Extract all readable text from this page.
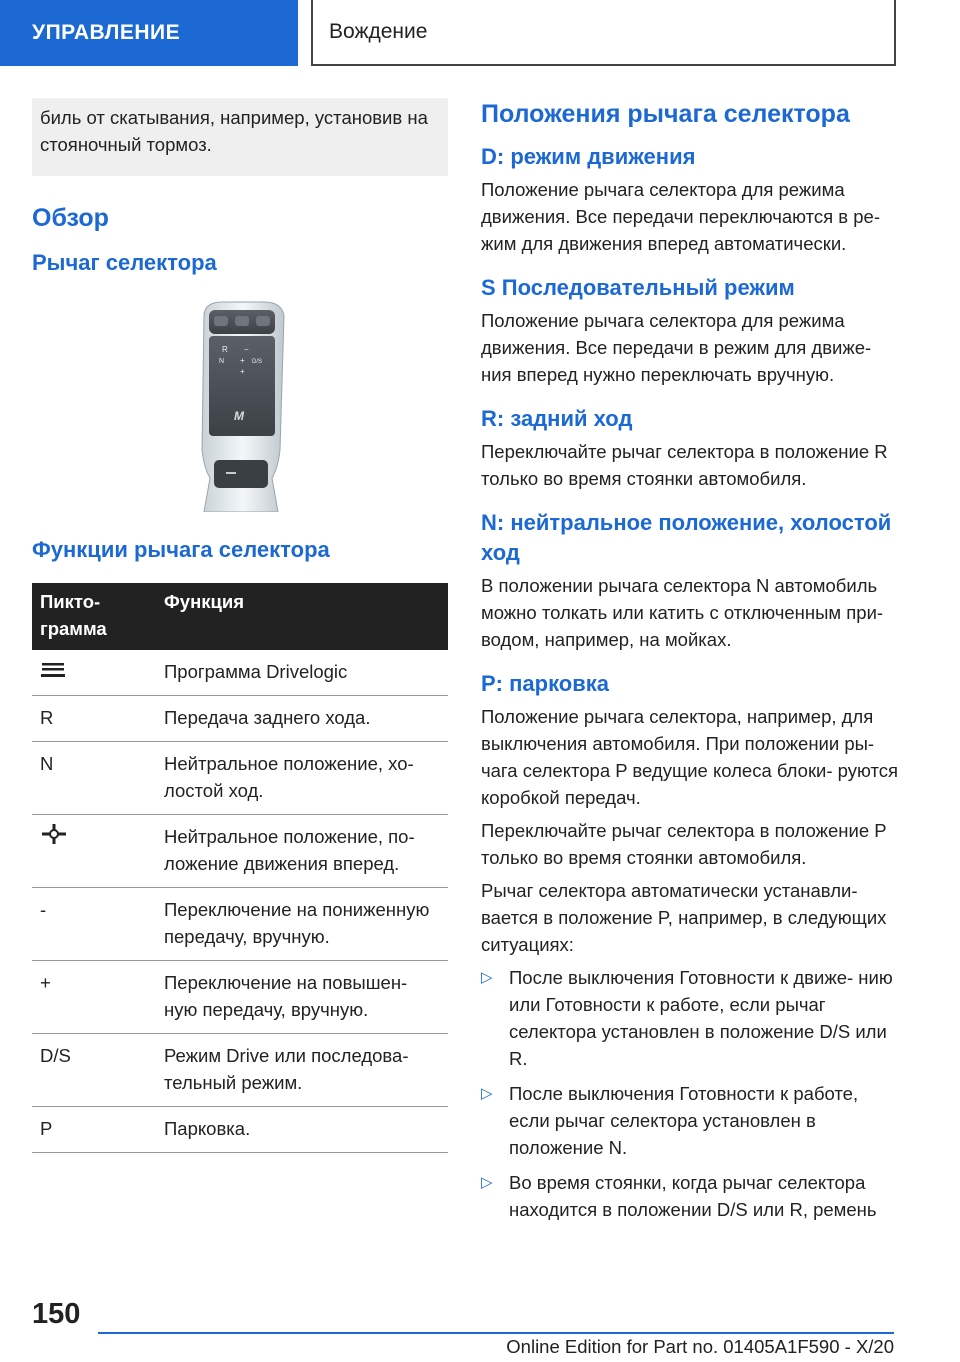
УПРАВЛЕНИЕ	Вождение
биль от скатывания, например, установив на стояночный тормоз.
Обзор
Рычаг селектора
R −
N + D/S
+
M
Функции рычага селектора
Пикто- грамма	Функция
	Программа Drivelogic
R	Передача заднего хода.
N	Нейтральное положение, хо- лостой ход.
	Нейтральное положение, по- ложение движения вперед.
-	Переключение на пониженную передачу, вручную.
+	Переключение на повышен- ную передачу, вручную.
D/S	Режим Drive или последова- тельный режим.
P	Парковка.
Положения рычага селектора
D: режим движения

Положение рычага селектора для режима движения. Все передачи переключаются в ре- жим для движения вперед автоматически.

S Последовательный режим

Положение рычага селектора для режима движения. Все передачи в режим для движе- ния вперед нужно переключать вручную.

R: задний ход

Переключайте рычаг селектора в положение R только во время стоянки автомобиля.

N: нейтральное положение, холостой ход

В положении рычага селектора N автомобиль можно толкать или катить с отключенным при- водом, например, на мойках.

P: парковка

Положение рычага селектора, например, для выключения автомобиля. При положении ры- чага селектора P ведущие колеса блоки- руются коробкой передач.

Переключайте рычаг селектора в положение P только во время стоянки автомобиля.

Рычаг селектора автоматически устанавли- вается в положение P, например, в следующих ситуациях:

▷ После выключения Готовности к движе- нию или Готовности к работе, если рычаг селектора установлен в положение D/S или R.
▷ После выключения Готовности к работе, если рычаг селектора установлен в положение N.
▷ Во время стоянки, когда рычаг селектора находится в положении D/S или R, ремень
150
Online Edition for Part no. 01405A1F590 - X/20
